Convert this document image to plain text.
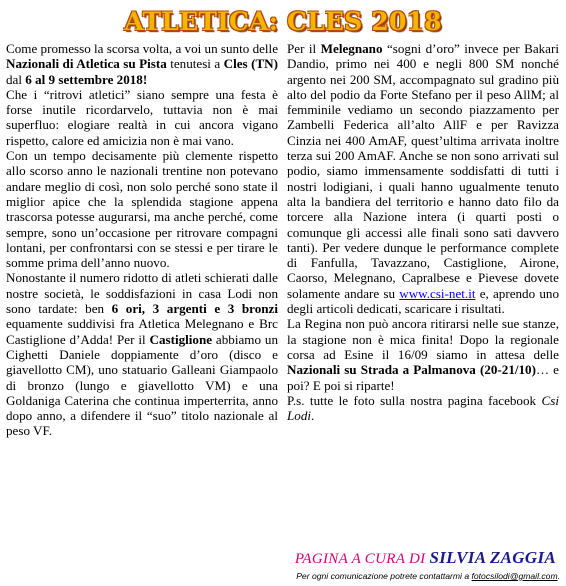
ATLETICA: CLES 2018

Come promesso la scorsa volta, a voi un sunto delle Nazionali di Atletica su Pista tenutesi a Cles (TN) dal 6 al 9 settembre 2018!

Che i “ritrovi atletici” siano sempre una festa è forse inutile ricordarvelo, tuttavia non è mai superfluo: elogiare realtà in cui ancora vigano rispetto, calore ed amicizia non è mai vano.

Con un tempo decisamente più clemente rispetto allo scorso anno le nazionali trentine non potevano andare meglio di così, non solo perché sono state il miglior apice che la splendida stagione appena trascorsa potesse augurarsi, ma anche perché, come sempre, sono un’occasione per ritrovare compagni lontani, per confrontarsi con se stessi e per tirare le somme prima dell’anno nuovo.

Nonostante il numero ridotto di atleti schierati dalle nostre società, le soddisfazioni in casa Lodi non sono tardate: ben 6 ori, 3 argenti e 3 bronzi equamente suddivisi fra Atletica Melegnano e Brc Castiglione d’Adda! Per il Castiglione abbiamo un Cighetti Daniele doppiamente d’oro (disco e giavellotto CM), uno statuario Galleani Giampaolo di bronzo (lungo e giavellotto VM) e una Goldaniga Caterina che continua imperterrita, anno dopo anno, a difendere il “suo” titolo nazionale al peso VF.

Per il Melegnano “sogni d’oro” invece per Bakari Dandio, primo nei 400 e negli 800 SM nonché argento nei 200 SM, accompagnato sul gradino più alto del podio da Forte Stefano per il peso AllM; al femminile vediamo un secondo piazzamento per Zambelli Federica all’alto AllF e per Ravizza Cinzia nei 400 AmAF, quest’ultima arrivata inoltre terza sui 200 AmAF. Anche se non sono arrivati sul podio, siamo immensamente soddisfatti di tutti i nostri lodigiani, i quali hanno ugualmente tenuto alta la bandiera del territorio e hanno dato filo da torcere alla Nazione intera (i quarti posti o comunque gli accessi alle finali sono sati davvero tanti). Per vedere dunque le performance complete di Fanfulla, Tavazzano, Castiglione, Airone, Caorso, Melegnano, Capralbese e Pievese dovete solamente andare su www.csi-net.it e, aprendo uno degli articoli dedicati, scaricare i risultati.

La Regina non può ancora ritirarsi nelle sue stanze, la stagione non è mica finita! Dopo la regionale corsa ad Esine il 16/09 siamo in attesa delle Nazionali su Strada a Palmanova (20-21/10)… e poi? E poi si riparte!

P.s. tutte le foto sulla nostra pagina facebook Csi Lodi.

PAGINA A CURA DI SILVIA ZAGGIA
Per ogni comunicazione potrete contattarmi a fotocsilodi@gmail.com.
